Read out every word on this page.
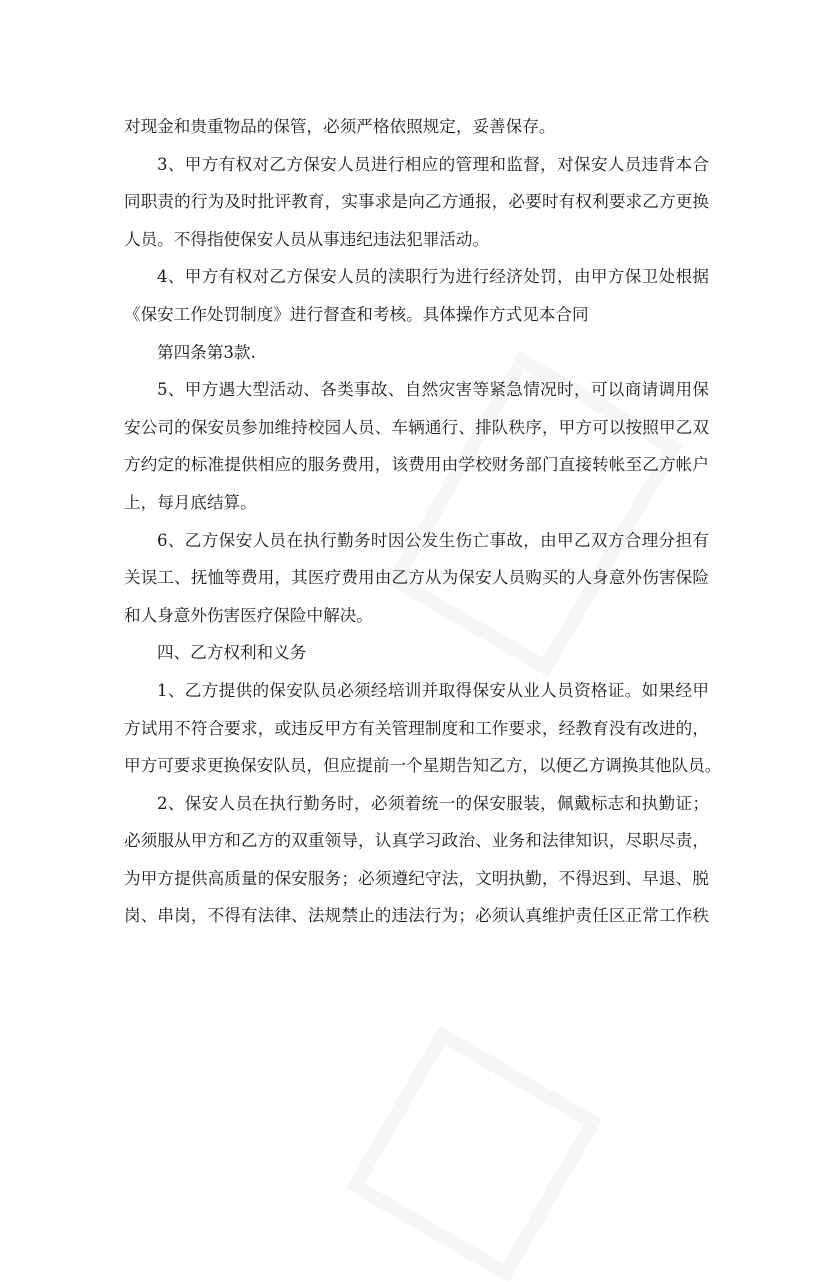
对现金和贵重物品的保管，必须严格依照规定，妥善保存。
3、甲方有权对乙方保安人员进行相应的管理和监督，对保安人员违背本合
同职责的行为及时批评教育，实事求是向乙方通报，必要时有权利要求乙方更换
人员。不得指使保安人员从事违纪违法犯罪活动。
4、甲方有权对乙方保安人员的渎职行为进行经济处罚，由甲方保卫处根据
《保安工作处罚制度》进行督查和考核。具体操作方式见本合同
第四条第3款.
5、甲方遇大型活动、各类事故、自然灾害等紧急情况时，可以商请调用保
安公司的保安员参加维持校园人员、车辆通行、排队秩序，甲方可以按照甲乙双
方约定的标准提供相应的服务费用，该费用由学校财务部门直接转帐至乙方帐户
上，每月底结算。
6、乙方保安人员在执行勤务时因公发生伤亡事故，由甲乙双方合理分担有
关误工、抚恤等费用，其医疗费用由乙方从为保安人员购买的人身意外伤害保险
和人身意外伤害医疗保险中解决。
四、乙方权利和义务
1、乙方提供的保安队员必须经培训并取得保安从业人员资格证。如果经甲
方试用不符合要求，或违反甲方有关管理制度和工作要求，经教育没有改进的，
甲方可要求更换保安队员，但应提前一个星期告知乙方，以便乙方调换其他队员。
2、保安人员在执行勤务时，必须着统一的保安服装，佩戴标志和执勤证；
必须服从甲方和乙方的双重领导，认真学习政治、业务和法律知识，尽职尽责，
为甲方提供高质量的保安服务；必须遵纪守法，文明执勤，不得迟到、早退、脱
岗、串岗，不得有法律、法规禁止的违法行为；必须认真维护责任区正常工作秩
